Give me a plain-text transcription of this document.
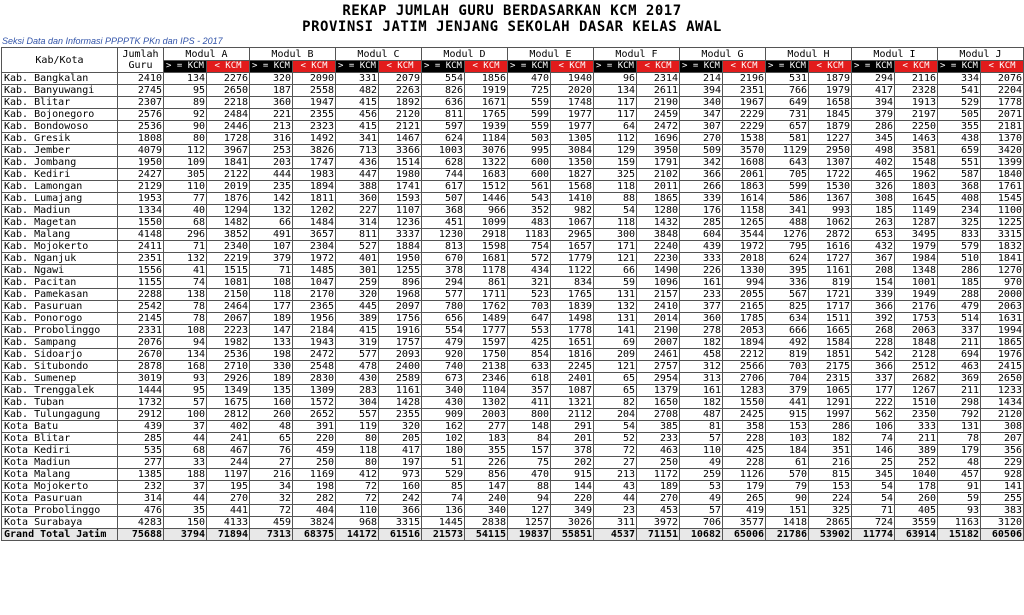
REKAP JUMLAH GURU BERDASARKAN KCM 2017
PROVINSI JATIM JENJANG SEKOLAH DASAR KELAS AWAL
Seksi Data dan Informasi PPPPTK PKn dan IPS - 2017
Kab/Kota	Jumlah Guru	Modul A		Modul B		Modul C		Modul D		Modul E		Modul F		Modul G		Modul H		Modul I		Modul J	
		> = KCM	< KCM	> = KCM	< KCM	> = KCM	< KCM	> = KCM	< KCM	> = KCM	< KCM	> = KCM	< KCM	> = KCM	< KCM	> = KCM	< KCM	> = KCM	< KCM	> = KCM	< KCM
Kab. Bangkalan	2410	134	2276	320	2090	331	2079	554	1856	470	1940	96	2314	214	2196	531	1879	294	2116	334	2076
Kab. Banyuwangi	2745	95	2650	187	2558	482	2263	826	1919	725	2020	134	2611	394	2351	766	1979	417	2328	541	2204
Kab. Blitar	2307	89	2218	360	1947	415	1892	636	1671	559	1748	117	2190	340	1967	649	1658	394	1913	529	1778
Kab. Bojonegoro	2576	92	2484	221	2355	456	2120	811	1765	599	1977	117	2459	347	2229	731	1845	379	2197	505	2071
Kab. Bondowoso	2536	90	2446	213	2323	415	2121	597	1939	559	1977	64	2472	307	2229	657	1879	286	2250	355	2181
Kab. Gresik	1808	80	1728	316	1492	341	1467	624	1184	503	1305	112	1696	270	1538	581	1227	345	1463	438	1370
Kab. Jember	4079	112	3967	253	3826	713	3366	1003	3076	995	3084	129	3950	509	3570	1129	2950	498	3581	659	3420
Kab. Jombang	1950	109	1841	203	1747	436	1514	628	1322	600	1350	159	1791	342	1608	643	1307	402	1548	551	1399
Kab. Kediri	2427	305	2122	444	1983	447	1980	744	1683	600	1827	325	2102	366	2061	705	1722	465	1962	587	1840
Kab. Lamongan	2129	110	2019	235	1894	388	1741	617	1512	561	1568	118	2011	266	1863	599	1530	326	1803	368	1761
Kab. Lumajang	1953	77	1876	142	1811	360	1593	507	1446	543	1410	88	1865	339	1614	586	1367	308	1645	408	1545
Kab. Madiun	1334	40	1294	132	1202	227	1107	368	966	352	982	54	1280	176	1158	341	993	185	1149	234	1100
Kab. Magetan	1550	68	1482	66	1484	314	1236	451	1099	483	1067	118	1432	285	1265	488	1062	263	1287	325	1225
Kab. Malang	4148	296	3852	491	3657	811	3337	1230	2918	1183	2965	300	3848	604	3544	1276	2872	653	3495	833	3315
Kab. Mojokerto	2411	71	2340	107	2304	527	1884	813	1598	754	1657	171	2240	439	1972	795	1616	432	1979	579	1832
Kab. Nganjuk	2351	132	2219	379	1972	401	1950	670	1681	572	1779	121	2230	333	2018	624	1727	367	1984	510	1841
Kab. Ngawi	1556	41	1515	71	1485	301	1255	378	1178	434	1122	66	1490	226	1330	395	1161	208	1348	286	1270
Kab. Pacitan	1155	74	1081	108	1047	259	896	294	861	321	834	59	1096	161	994	336	819	154	1001	185	970
Kab. Pamekasan	2288	138	2150	118	2170	320	1968	577	1711	523	1765	131	2157	233	2055	567	1721	339	1949	288	2000
Kab. Pasuruan	2542	78	2464	177	2365	445	2097	780	1762	703	1839	132	2410	377	2165	825	1717	366	2176	479	2063
Kab. Ponorogo	2145	78	2067	189	1956	389	1756	656	1489	647	1498	131	2014	360	1785	634	1511	392	1753	514	1631
Kab. Probolinggo	2331	108	2223	147	2184	415	1916	554	1777	553	1778	141	2190	278	2053	666	1665	268	2063	337	1994
Kab. Sampang	2076	94	1982	133	1943	319	1757	479	1597	425	1651	69	2007	182	1894	492	1584	228	1848	211	1865
Kab. Sidoarjo	2670	134	2536	198	2472	577	2093	920	1750	854	1816	209	2461	458	2212	819	1851	542	2128	694	1976
Kab. Situbondo	2878	168	2710	330	2548	478	2400	740	2138	633	2245	121	2757	312	2566	703	2175	366	2512	463	2415
Kab. Sumenep	3019	93	2926	189	2830	430	2589	673	2346	618	2401	65	2954	313	2706	704	2315	337	2682	369	2650
Kab. Trenggalek	1444	95	1349	135	1309	283	1161	340	1104	357	1087	65	1379	161	1283	379	1065	177	1267	211	1233
Kab. Tuban	1732	57	1675	160	1572	304	1428	430	1302	411	1321	82	1650	182	1550	441	1291	222	1510	298	1434
Kab. Tulungagung	2912	100	2812	260	2652	557	2355	909	2003	800	2112	204	2708	487	2425	915	1997	562	2350	792	2120
Kota Batu	439	37	402	48	391	119	320	162	277	148	291	54	385	81	358	153	286	106	333	131	308
Kota Blitar	285	44	241	65	220	80	205	102	183	84	201	52	233	57	228	103	182	74	211	78	207
Kota Kediri	535	68	467	76	459	118	417	180	355	157	378	72	463	110	425	184	351	146	389	179	356
Kota Madiun	277	33	244	27	250	80	197	51	226	75	202	27	250	49	228	61	216	25	252	48	229
Kota Malang	1385	188	1197	216	1169	412	973	529	856	470	915	213	1172	259	1126	570	815	345	1040	457	928
Kota Mojokerto	232	37	195	34	198	72	160	85	147	88	144	43	189	53	179	79	153	54	178	91	141
Kota Pasuruan	314	44	270	32	282	72	242	74	240	94	220	44	270	49	265	90	224	54	260	59	255
Kota Probolinggo	476	35	441	72	404	110	366	136	340	127	349	23	453	57	419	151	325	71	405	93	383
Kota Surabaya	4283	150	4133	459	3824	968	3315	1445	2838	1257	3026	311	3972	706	3577	1418	2865	724	3559	1163	3120
Grand Total Jatim	75688	3794	71894	7313	68375	14172	61516	21573	54115	19837	55851	4537	71151	10682	65006	21786	53902	11774	63914	15182	60506
